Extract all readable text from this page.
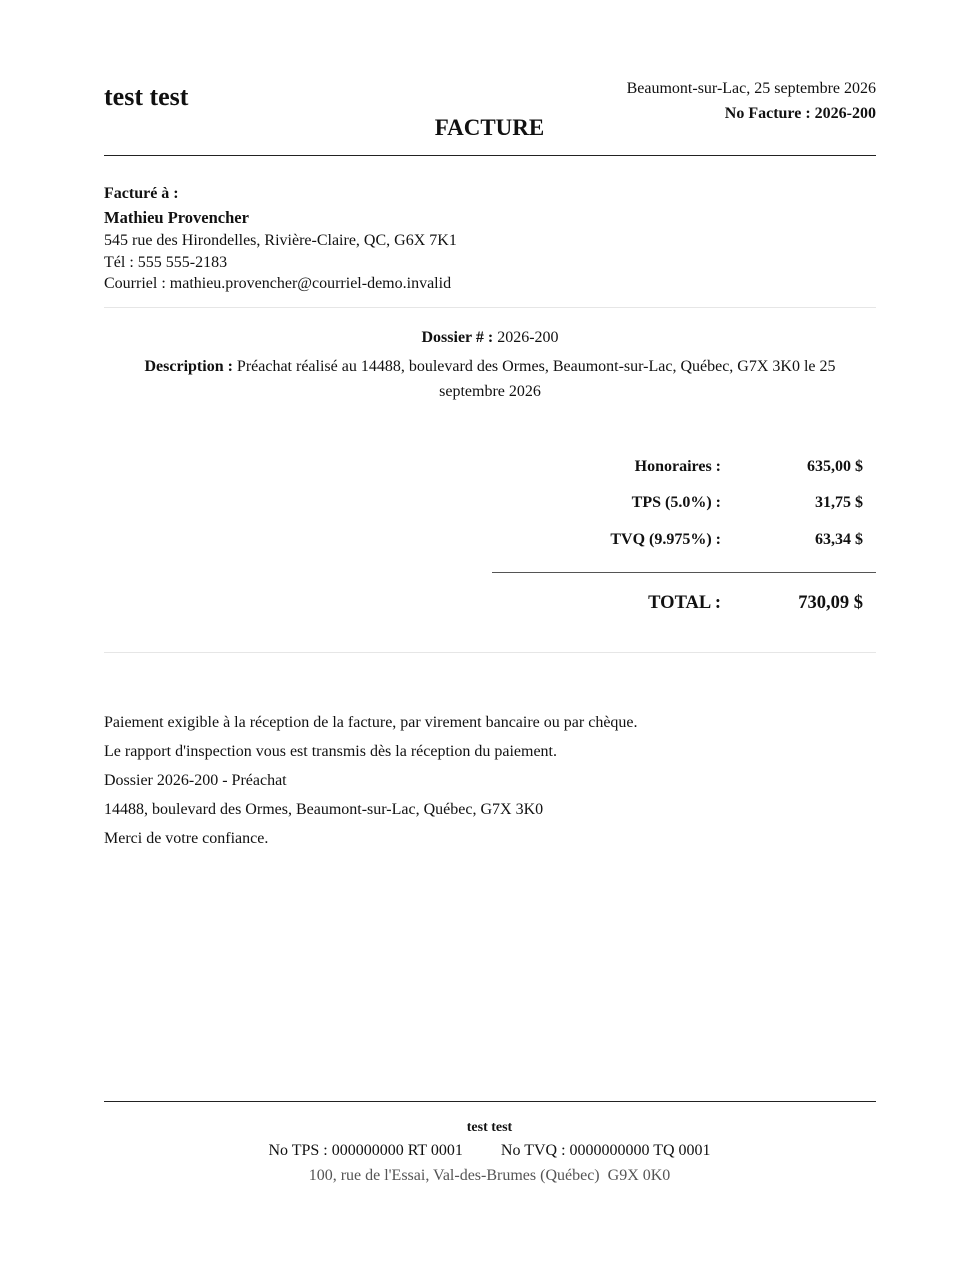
test test	Beaumont-sur-Lac, 25 septembre 2026
No Facture : 2026-200
FACTURE
Facturé à :
Mathieu Provencher
545 rue des Hirondelles, Rivière-Claire, QC, G6X 7K1
Tél : 555 555-2183
Courriel : mathieu.provencher@courriel-demo.invalid
Dossier # : 2026-200
Description : Préachat réalisé au 14488, boulevard des Ormes, Beaumont-sur-Lac, Québec, G7X 3K0 le 25 septembre 2026
Honoraires :	635,00 $
TPS (5.0%) :	31,75 $
TVQ (9.975%) :	63,34 $
TOTAL :	730,09 $
Paiement exigible à la réception de la facture, par virement bancaire ou par chèque.
Le rapport d'inspection vous est transmis dès la réception du paiement.
Dossier 2026-200 - Préachat
14488, boulevard des Ormes, Beaumont-sur-Lac, Québec, G7X 3K0
Merci de votre confiance.
test test
No TPS : 000000000 RT 0001 No TVQ : 0000000000 TQ 0001
100, rue de l'Essai, Val-des-Brumes (Québec)  G9X 0K0
